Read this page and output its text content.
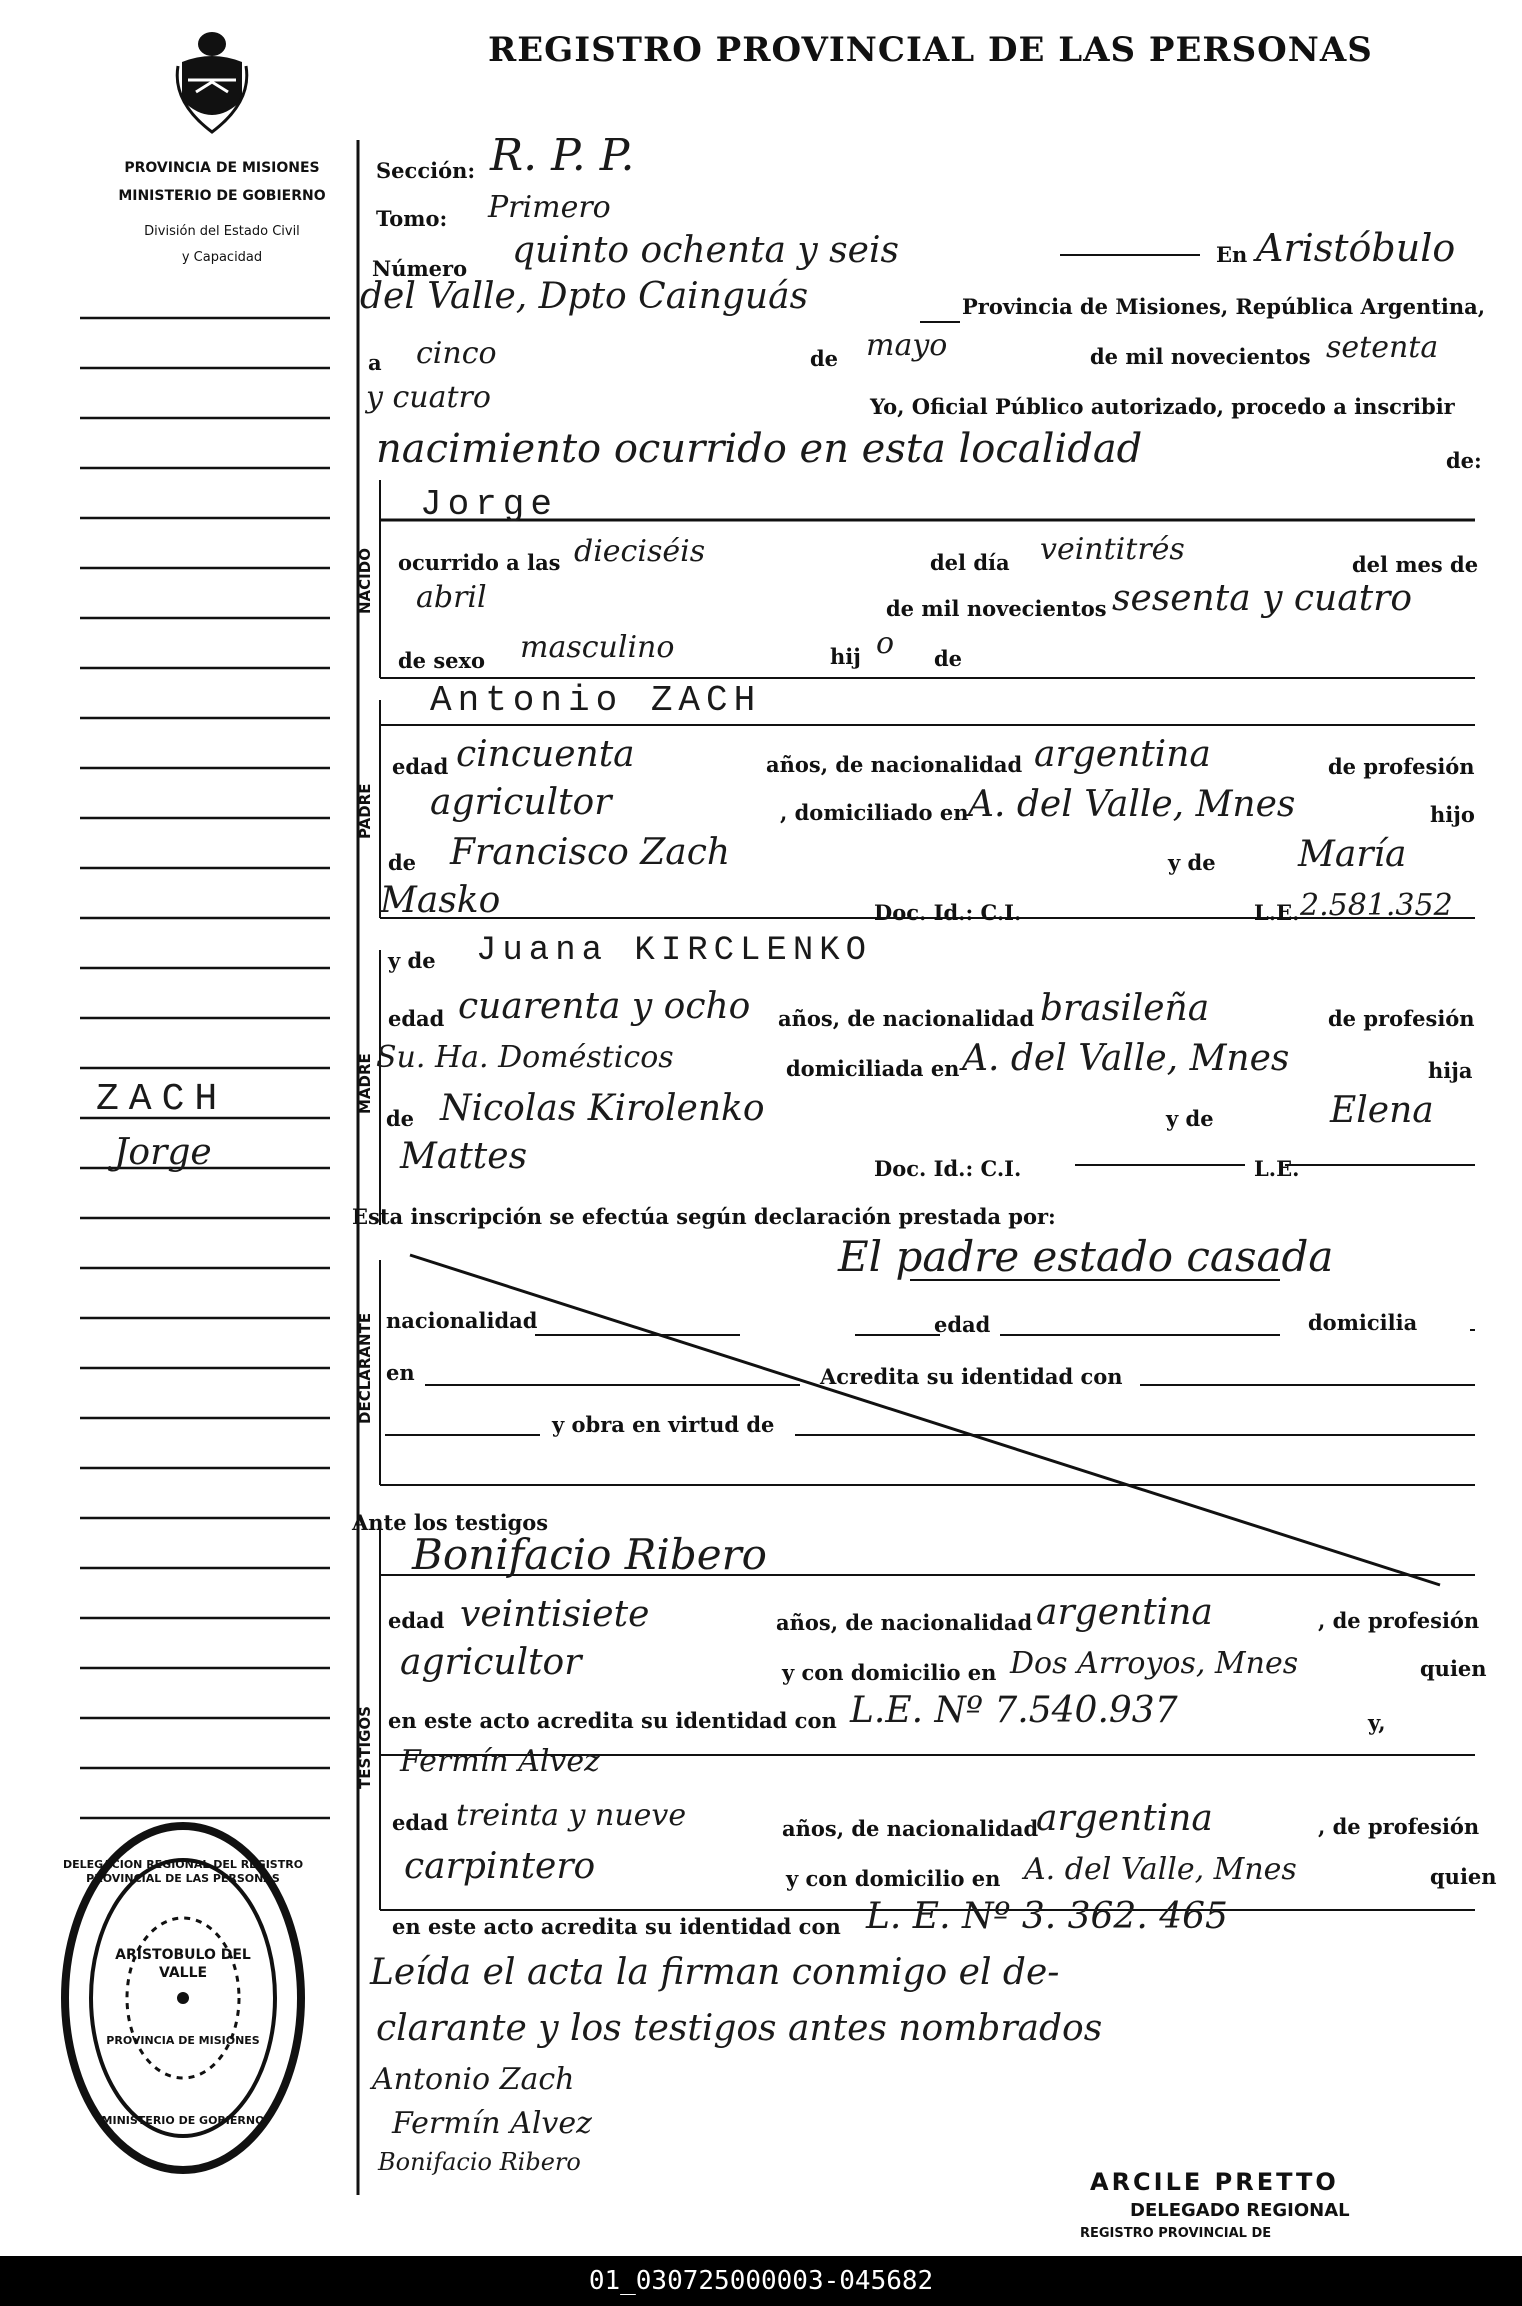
REGISTRO PROVINCIAL DE LAS PERSONAS
PROVINCIA DE MISIONES
MINISTERIO DE GOBIERNO
División del Estado Civil
y Capacidad
NACIDO
PADRE
MADRE
DECLARANTE
TESTIGOS
Sección:
Tomo:
Número
En
Provincia de Misiones, República Argentina,
a	de	de mil novecientos
Yo, Oficial Público autorizado, procedo a inscribir
de:
ocurrido a las	del día	del mes de
de mil novecientos
de sexo	hij	de
edad	años, de nacionalidad	de profesión
, domiciliado en	hijo
de	y de
Doc. Id.: C.I.	L.E.
y de
edad	años, de nacionalidad	de profesión
domiciliada en	hija
de	y de
Doc. Id.: C.I.	L.E.
Esta inscripción se efectúa según declaración prestada por:
nacionalidad	edad	domicilia
en	Acredita su identidad con
y obra en virtud de
Ante los testigos
edad	años, de nacionalidad	, de profesión
y con domicilio en	quien
en este acto acredita su identidad con	y,
edad	años, de nacionalidad	, de profesión
y con domicilio en	quien
en este acto acredita su identidad con
R. P. P.
Primero
quinto ochenta y seis	Aristóbulo
del Valle, Dpto Cainguás
cinco	mayo	setenta
y cuatro
nacimiento ocurrido en esta localidad
Jorge
dieciséis	veintitrés
abril	sesenta y cuatro
masculino	o
Antonio ZACH
cincuenta	argentina
agricultor	A. del Valle, Mnes
Francisco Zach	María
Masko	2.581.352
Juana KIRCLENKO
cuarenta y ocho	brasileña
Su. Ha. Domésticos	A. del Valle, Mnes
Nicolas Kirolenko	Elena
Mattes
El padre estado casada
Bonifacio Ribero
veintisiete	argentina
agricultor	Dos Arroyos, Mnes
L.E. Nº 7.540.937
Fermín Alvez
treinta y nueve	argentina
carpintero	A. del Valle, Mnes
L. E. Nº 3. 362. 465
Leída el acta la firman conmigo el de-
clarante y los testigos antes nombrados
Antonio Zach
Fermín Alvez
Bonifacio Ribero
ZACH
Jorge
DELEGACION REGIONAL DEL REGISTRO PROVINCIAL DE LAS PERSONAS
ARISTOBULO DEL VALLE
PROVINCIA DE MISIONES
MINISTERIO DE GOBIERNO
ARCILE PRETTO
DELEGADO REGIONAL
REGISTRO PROVINCIAL DE
01_030725000003-045682
